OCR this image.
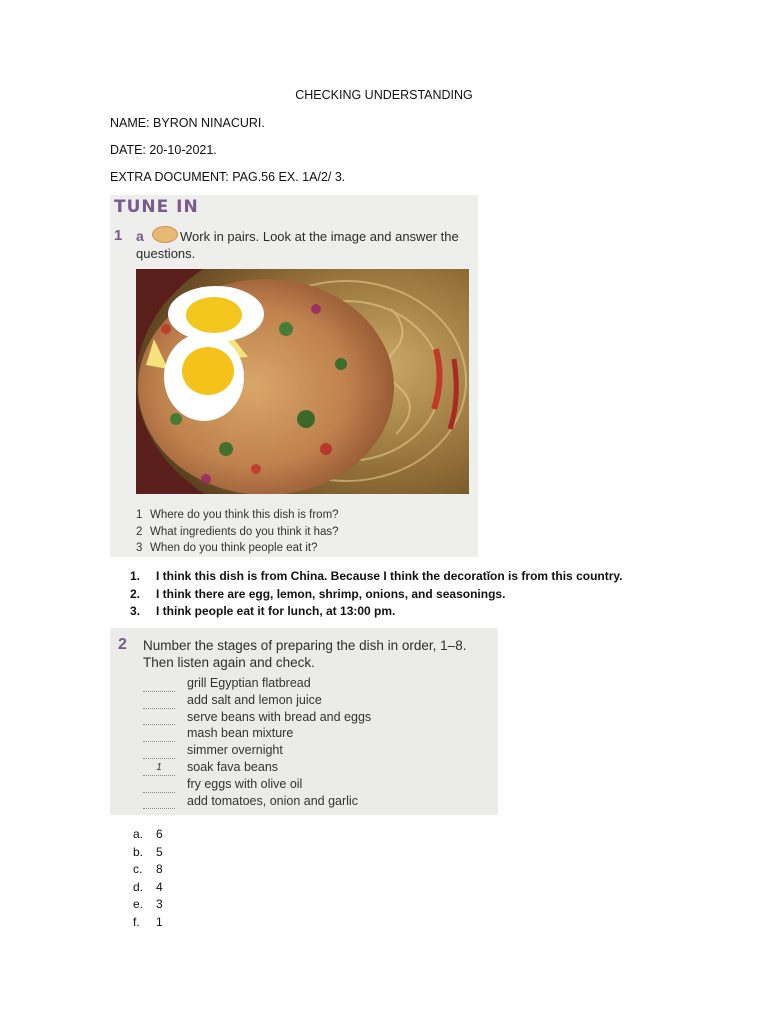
CHECKING UNDERSTANDING
NAME: BYRON NINACURI.
DATE: 20-10-2021.
EXTRA DOCUMENT: PAG.56 EX. 1A/2/ 3.
TUNE IN
1	Work in pairs. Look at the image and answer the questions.
a
1 Where do you think this dish is from?
2 What ingredients do you think it has?
3 When do you think people eat it?
1. I think this dish is from China. Because I think the decoratǐon is from this country.
2. I think there are egg, lemon, shrimp, onions, and seasonings.
3. I think people eat it for lunch, at 13:00 pm.
2 Number the stages of preparing the dish in order, 1–8.
Then listen again and check.
grill Egyptian flatbread
add salt and lemon juice
serve beans with bread and eggs
mash bean mixture
simmer overnight
1	soak fava beans
fry eggs with olive oil
add tomatoes, onion and garlic
a. 6
b. 5
c. 8
d. 4
e. 3
f. 1
